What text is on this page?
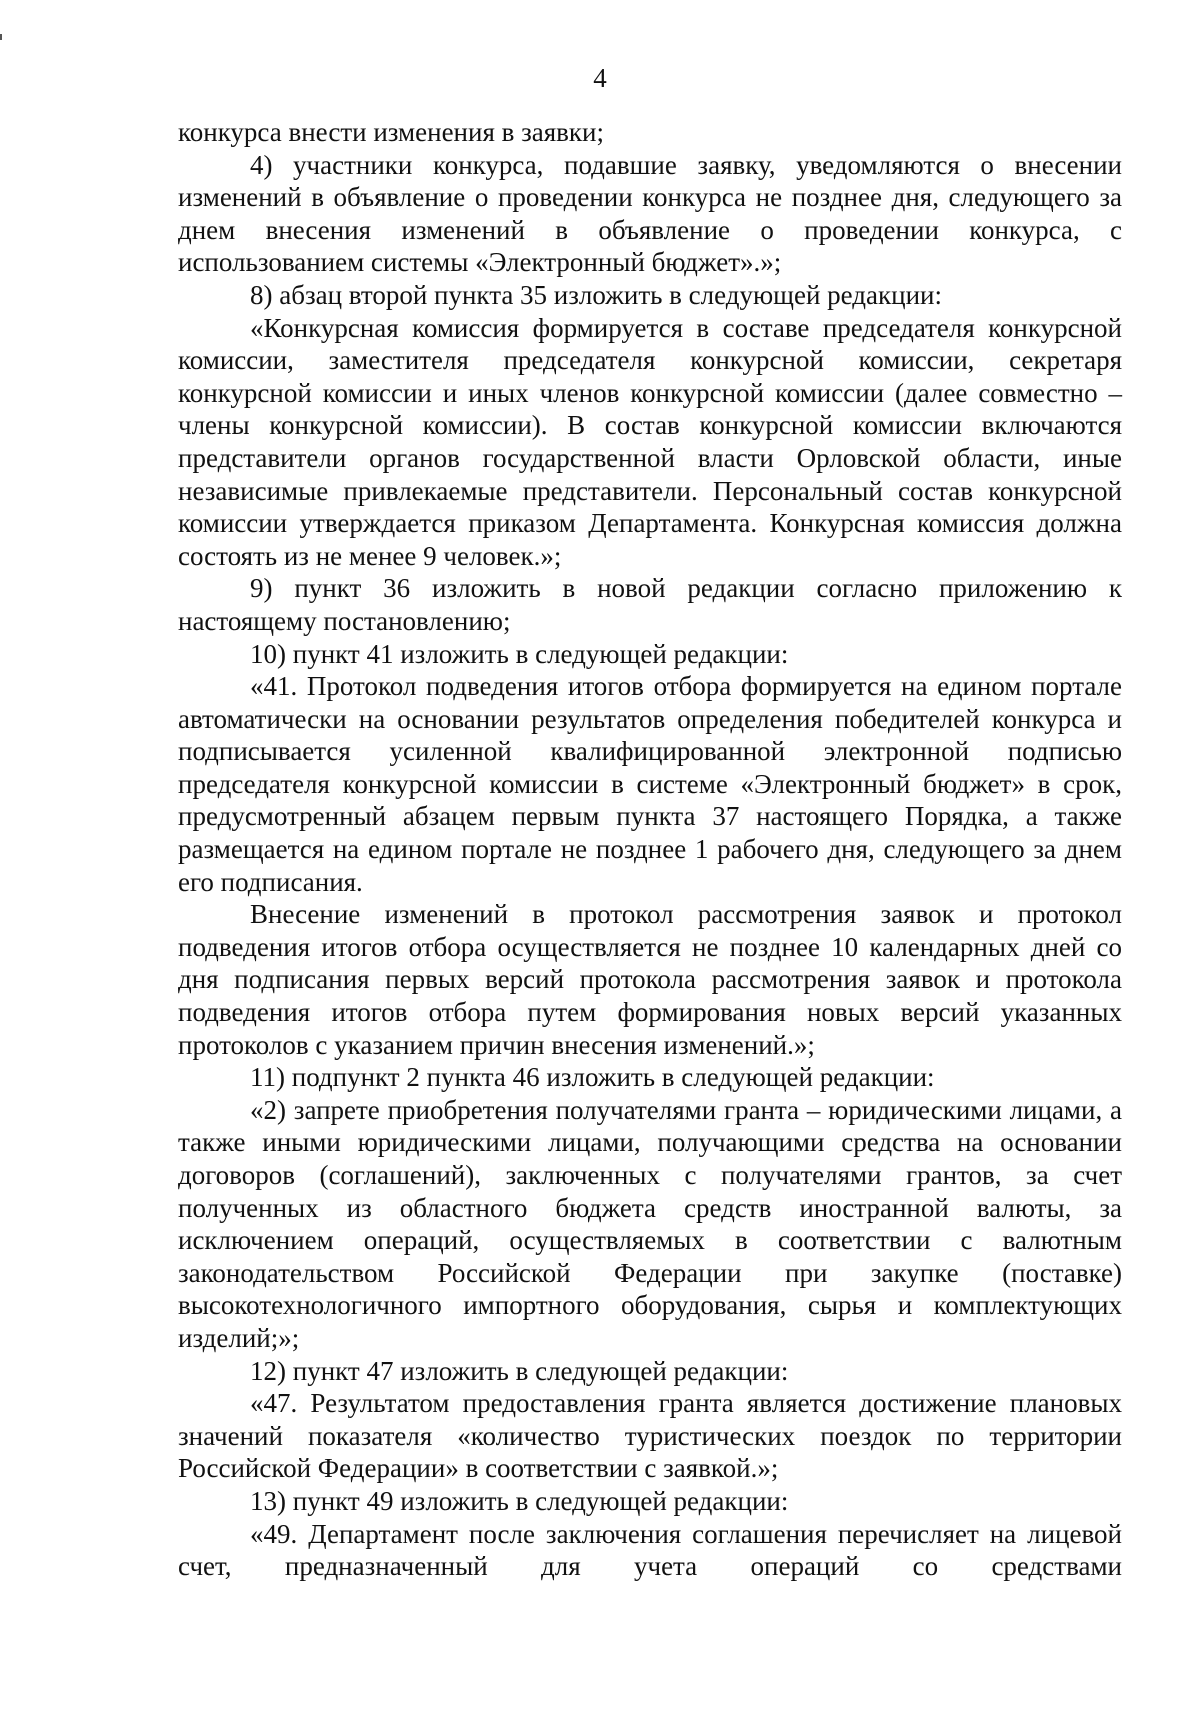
4

конкурса внести изменения в заявки;

4) участники конкурса, подавшие заявку, уведомляются о внесении изменений в объявление о проведении конкурса не позднее дня, следующего за днем внесения изменений в объявление о проведении конкурса, с использованием системы «Электронный бюджет».»;

8) абзац второй пункта 35 изложить в следующей редакции:

«Конкурсная комиссия формируется в составе председателя конкурсной комиссии, заместителя председателя конкурсной комиссии, секретаря конкурсной комиссии и иных членов конкурсной комиссии (далее совместно – члены конкурсной комиссии). В состав конкурсной комиссии включаются представители органов государственной власти Орловской области, иные независимые привлекаемые представители. Персональный состав конкурсной комиссии утверждается приказом Департамента. Конкурсная комиссия должна состоять из не менее 9 человек.»;

9) пункт 36 изложить в новой редакции согласно приложению к настоящему постановлению;

10) пункт 41 изложить в следующей редакции:

«41. Протокол подведения итогов отбора формируется на едином портале автоматически на основании результатов определения победителей конкурса и подписывается усиленной квалифицированной электронной подписью председателя конкурсной комиссии в системе «Электронный бюджет» в срок, предусмотренный абзацем первым пункта 37 настоящего Порядка, а также размещается на едином портале не позднее 1 рабочего дня, следующего за днем его подписания.

Внесение изменений в протокол рассмотрения заявок и протокол подведения итогов отбора осуществляется не позднее 10 календарных дней со дня подписания первых версий протокола рассмотрения заявок и протокола подведения итогов отбора путем формирования новых версий указанных протоколов с указанием причин внесения изменений.»;

11) подпункт 2 пункта 46 изложить в следующей редакции:

«2) запрете приобретения получателями гранта – юридическими лицами, а также иными юридическими лицами, получающими средства на основании договоров (соглашений), заключенных с получателями грантов, за счет полученных из областного бюджета средств иностранной валюты, за исключением операций, осуществляемых в соответствии с валютным законодательством Российской Федерации при закупке (поставке) высокотехнологичного импортного оборудования, сырья и комплектующих изделий;»;

12) пункт 47 изложить в следующей редакции:

«47. Результатом предоставления гранта является достижение плановых значений показателя «количество туристических поездок по территории Российской Федерации» в соответствии с заявкой.»;

13) пункт 49 изложить в следующей редакции:

«49. Департамент после заключения соглашения перечисляет на лицевой счет, предназначенный для учета операций со средствами
